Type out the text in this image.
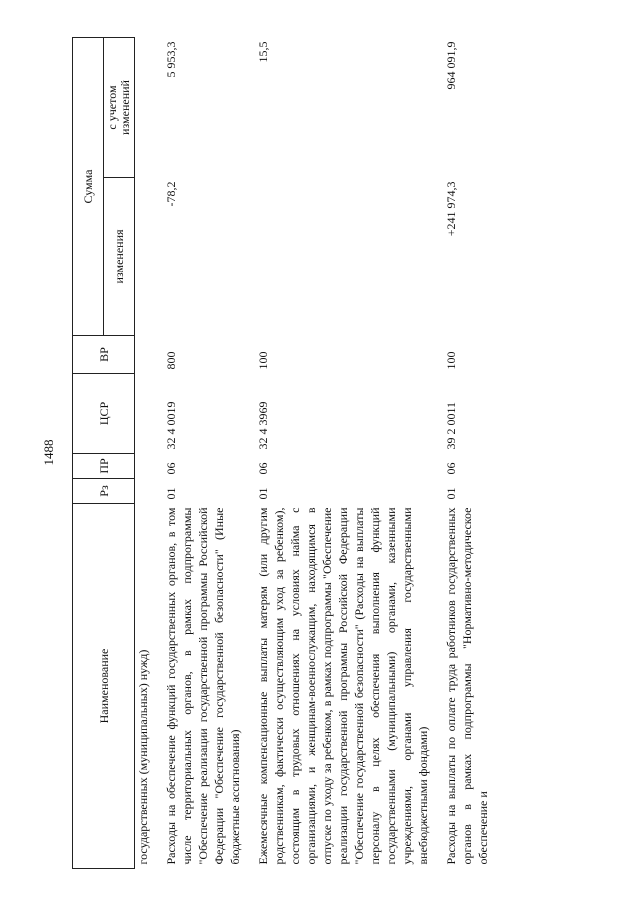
1488
Наименование	Рз	ПР	ЦСР	ВР	Сумма	
					изменения	с учетом
изменений
государственных (муниципальных) нужд)						

Расходы на обеспечение функций государственных органов, в том числе территориальных органов, в рамках подпрограммы "Обеспечение реализации государственной программы Российской Федерации "Обеспечение государственной безопасности" (Иные бюджетные ассигнования)	01	06	32 4 0019	800	-78,2	5 953,3

Ежемесячные компенсационные выплаты матерям (или другим родственникам, фактически осуществляющим уход за ребенком), состоящим в трудовых отношениях на условиях найма с организациями, и женщинам-военнослужащим, находящимся в отпуске по уходу за ребенком, в рамках подпрограммы "Обеспечение реализации государственной программы Российской Федерации "Обеспечение государственной безопасности" (Расходы на выплаты персоналу в целях обеспечения выполнения функций государственными (муниципальными) органами, казенными учреждениями, органами управления государственными внебюджетными фондами)	01	06	32 4 3969	100		15,5

Расходы на выплаты по оплате труда работников государственных органов в рамках подпрограммы "Нормативно-методическое обеспечение и	01	06	39 2 0011	100	+241 974,3	964 091,9
